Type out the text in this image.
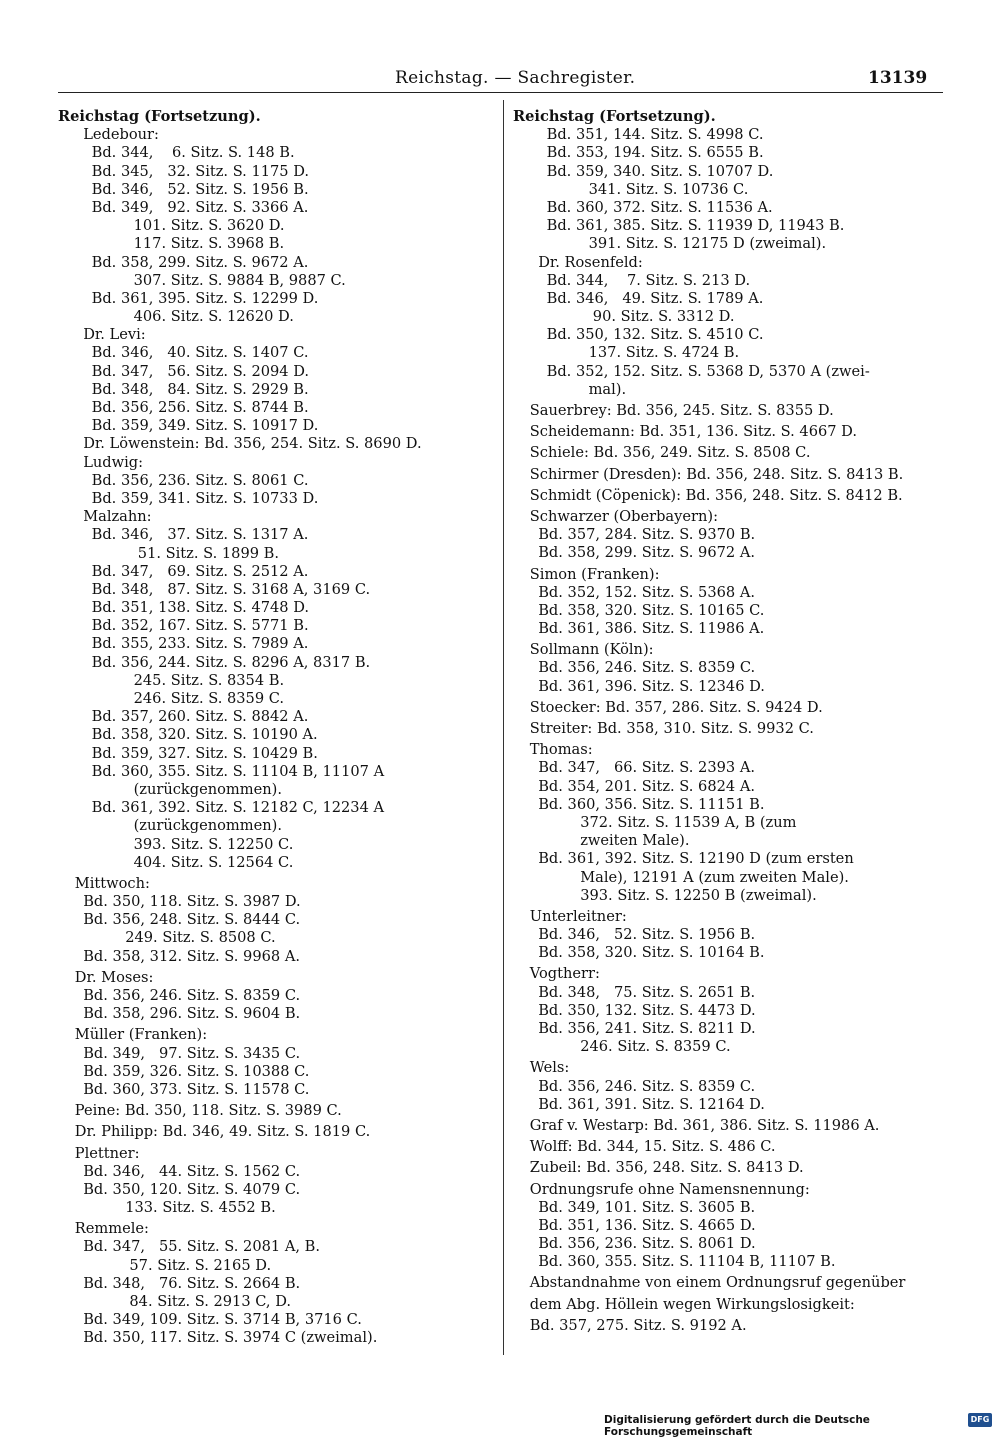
Reichstag. — Sachregister.	13139
Reichstag (Fortsetzung).
Ledebour:
Bd. 344,    6. Sitz. S. 148 B.
Bd. 345,   32. Sitz. S. 1175 D.
Bd. 346,   52. Sitz. S. 1956 B.
Bd. 349,   92. Sitz. S. 3366 A.
101. Sitz. S. 3620 D.
117. Sitz. S. 3968 B.
Bd. 358, 299. Sitz. S. 9672 A.
307. Sitz. S. 9884 B, 9887 C.
Bd. 361, 395. Sitz. S. 12299 D.
406. Sitz. S. 12620 D.
Dr. Levi:
Bd. 346,   40. Sitz. S. 1407 C.
Bd. 347,   56. Sitz. S. 2094 D.
Bd. 348,   84. Sitz. S. 2929 B.
Bd. 356, 256. Sitz. S. 8744 B.
Bd. 359, 349. Sitz. S. 10917 D.
Dr. Löwenstein: Bd. 356, 254. Sitz. S. 8690 D.
Ludwig:
Bd. 356, 236. Sitz. S. 8061 C.
Bd. 359, 341. Sitz. S. 10733 D.
Malzahn:
Bd. 346,   37. Sitz. S. 1317 A.
51. Sitz. S. 1899 B.
Bd. 347,   69. Sitz. S. 2512 A.
Bd. 348,   87. Sitz. S. 3168 A, 3169 C.
Bd. 351, 138. Sitz. S. 4748 D.
Bd. 352, 167. Sitz. S. 5771 B.
Bd. 355, 233. Sitz. S. 7989 A.
Bd. 356, 244. Sitz. S. 8296 A, 8317 B.
245. Sitz. S. 8354 B.
246. Sitz. S. 8359 C.
Bd. 357, 260. Sitz. S. 8842 A.
Bd. 358, 320. Sitz. S. 10190 A.
Bd. 359, 327. Sitz. S. 10429 B.
Bd. 360, 355. Sitz. S. 11104 B, 11107 A
(zurückgenommen).
Bd. 361, 392. Sitz. S. 12182 C, 12234 A
(zurückgenommen).
393. Sitz. S. 12250 C.
404. Sitz. S. 12564 C.
Mittwoch:
Bd. 350, 118. Sitz. S. 3987 D.
Bd. 356, 248. Sitz. S. 8444 C.
249. Sitz. S. 8508 C.
Bd. 358, 312. Sitz. S. 9968 A.
Dr. Moses:
Bd. 356, 246. Sitz. S. 8359 C.
Bd. 358, 296. Sitz. S. 9604 B.
Müller (Franken):
Bd. 349,   97. Sitz. S. 3435 C.
Bd. 359, 326. Sitz. S. 10388 C.
Bd. 360, 373. Sitz. S. 11578 C.
Peine: Bd. 350, 118. Sitz. S. 3989 C.
Dr. Philipp: Bd. 346, 49. Sitz. S. 1819 C.
Plettner:
Bd. 346,   44. Sitz. S. 1562 C.
Bd. 350, 120. Sitz. S. 4079 C.
133. Sitz. S. 4552 B.
Remmele:
Bd. 347,   55. Sitz. S. 2081 A, B.
57. Sitz. S. 2165 D.
Bd. 348,   76. Sitz. S. 2664 B.
84. Sitz. S. 2913 C, D.
Bd. 349, 109. Sitz. S. 3714 B, 3716 C.
Bd. 350, 117. Sitz. S. 3974 C (zweimal).
Reichstag (Fortsetzung).
Bd. 351, 144. Sitz. S. 4998 C.
Bd. 353, 194. Sitz. S. 6555 B.
Bd. 359, 340. Sitz. S. 10707 D.
341. Sitz. S. 10736 C.
Bd. 360, 372. Sitz. S. 11536 A.
Bd. 361, 385. Sitz. S. 11939 D, 11943 B.
391. Sitz. S. 12175 D (zweimal).
Dr. Rosenfeld:
Bd. 344,    7. Sitz. S. 213 D.
Bd. 346,   49. Sitz. S. 1789 A.
90. Sitz. S. 3312 D.
Bd. 350, 132. Sitz. S. 4510 C.
137. Sitz. S. 4724 B.
Bd. 352, 152. Sitz. S. 5368 D, 5370 A (zwei-
mal).
Sauerbrey: Bd. 356, 245. Sitz. S. 8355 D.
Scheidemann: Bd. 351, 136. Sitz. S. 4667 D.
Schiele: Bd. 356, 249. Sitz. S. 8508 C.
Schirmer (Dresden): Bd. 356, 248. Sitz. S. 8413 B.
Schmidt (Cöpenick): Bd. 356, 248. Sitz. S. 8412 B.
Schwarzer (Oberbayern):
Bd. 357, 284. Sitz. S. 9370 B.
Bd. 358, 299. Sitz. S. 9672 A.
Simon (Franken):
Bd. 352, 152. Sitz. S. 5368 A.
Bd. 358, 320. Sitz. S. 10165 C.
Bd. 361, 386. Sitz. S. 11986 A.
Sollmann (Köln):
Bd. 356, 246. Sitz. S. 8359 C.
Bd. 361, 396. Sitz. S. 12346 D.
Stoecker: Bd. 357, 286. Sitz. S. 9424 D.
Streiter: Bd. 358, 310. Sitz. S. 9932 C.
Thomas:
Bd. 347,   66. Sitz. S. 2393 A.
Bd. 354, 201. Sitz. S. 6824 A.
Bd. 360, 356. Sitz. S. 11151 B.
372. Sitz. S. 11539 A, B (zum
zweiten Male).
Bd. 361, 392. Sitz. S. 12190 D (zum ersten
Male), 12191 A (zum zweiten Male).
393. Sitz. S. 12250 B (zweimal).
Unterleitner:
Bd. 346,   52. Sitz. S. 1956 B.
Bd. 358, 320. Sitz. S. 10164 B.
Vogtherr:
Bd. 348,   75. Sitz. S. 2651 B.
Bd. 350, 132. Sitz. S. 4473 D.
Bd. 356, 241. Sitz. S. 8211 D.
246. Sitz. S. 8359 C.
Wels:
Bd. 356, 246. Sitz. S. 8359 C.
Bd. 361, 391. Sitz. S. 12164 D.
Graf v. Westarp: Bd. 361, 386. Sitz. S. 11986 A.
Wolff: Bd. 344, 15. Sitz. S. 486 C.
Zubeil: Bd. 356, 248. Sitz. S. 8413 D.
Ordnungsrufe ohne Namensnennung:
Bd. 349, 101. Sitz. S. 3605 B.
Bd. 351, 136. Sitz. S. 4665 D.
Bd. 356, 236. Sitz. S. 8061 D.
Bd. 360, 355. Sitz. S. 11104 B, 11107 B.
Abstandnahme von einem Ordnungsruf gegenüber
dem Abg. Höllein wegen Wirkungslosigkeit:
Bd. 357, 275. Sitz. S. 9192 A.
Digitalisierung gefördert durch die Deutsche Forschungsgemeinschaft
DFG
